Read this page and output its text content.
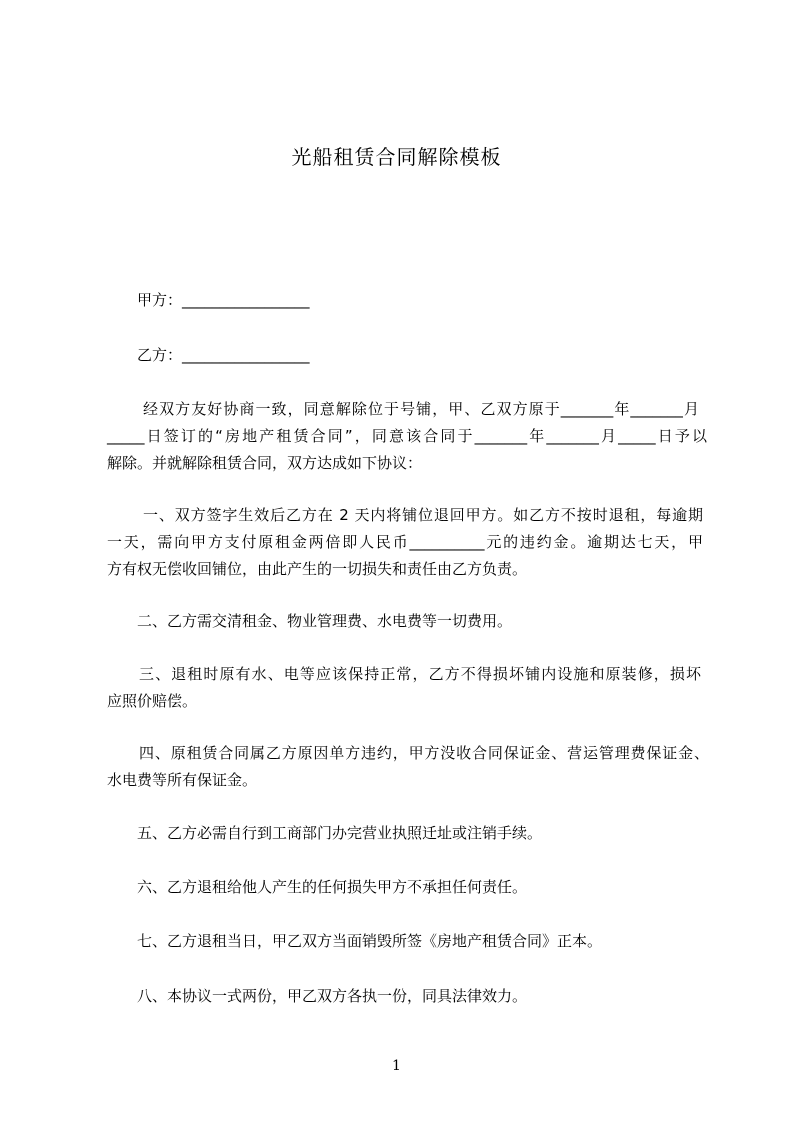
光船租赁合同解除模板

甲方：_________________

乙方：_________________

经双方友好协商一致，同意解除位于号铺，甲、乙双方原于_______年_______月

_____日签订的“房地产租赁合同”，同意该合同于_______年_______月_____日予以

解除。并就解除租赁合同，双方达成如下协议：

一、双方签字生效后乙方在 2 天内将铺位退回甲方。如乙方不按时退租，每逾期

一天，需向甲方支付原租金两倍即人民币__________元的违约金。逾期达七天，甲

方有权无偿收回铺位，由此产生的一切损失和责任由乙方负责。

二、乙方需交清租金、物业管理费、水电费等一切费用。

三、退租时原有水、电等应该保持正常，乙方不得损坏铺内设施和原装修，损坏

应照价赔偿。

四、原租赁合同属乙方原因单方违约，甲方没收合同保证金、营运管理费保证金、

水电费等所有保证金。

五、乙方必需自行到工商部门办完营业执照迁址或注销手续。

六、乙方退租给他人产生的任何损失甲方不承担任何责任。

七、乙方退租当日，甲乙双方当面销毁所签《房地产租赁合同》正本。

八、本协议一式两份，甲乙双方各执一份，同具法律效力。

1
